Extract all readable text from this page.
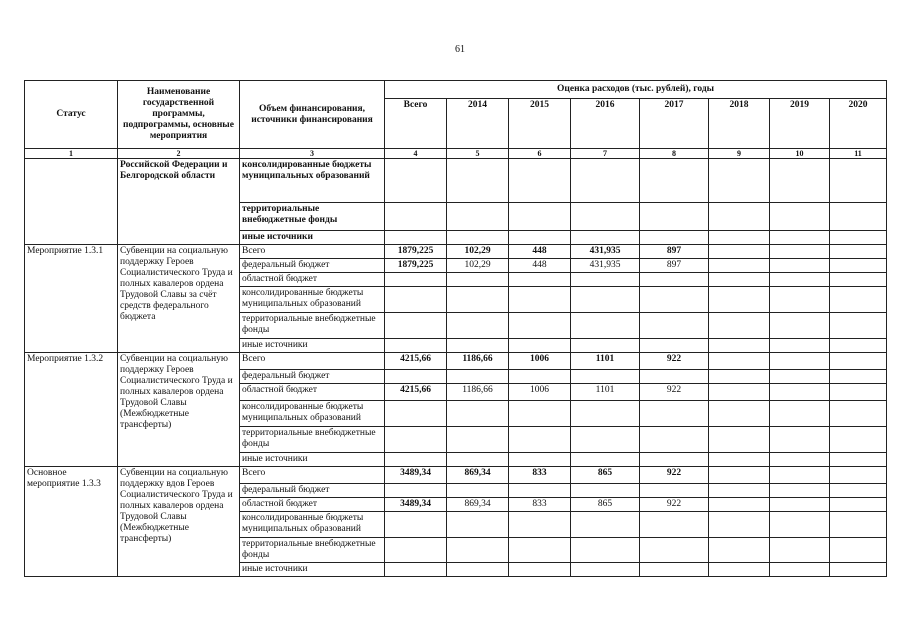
61
Статус	Наименование государственной программы, подпрограммы, основные мероприятия	Объем финансирования, источники финансирования	Оценка расходов (тыс. рублей), годы							
			Всего	2014	2015	2016	2017	2018	2019	2020
1	2	3	4	5	6	7	8	9	10	11
	Российской Федерации и Белгородской области	консолидированные бюджеты муниципальных образований								
		территориальные внебюджетные фонды								
		иные источники								
Мероприятие 1.3.1	Субвенции на социальную поддержку Героев Социалистического Труда и полных кавалеров ордена Трудовой Славы за счёт средств федерального бюджета	Всего	1879,225	102,29	448	431,935	897			
		федеральный бюджет	1879,225	102,29	448	431,935	897			
		областной бюджет								
		консолидированные бюджеты муниципальных образований								
		территориальные внебюджетные фонды								
		иные источники								
Мероприятие 1.3.2	Субвенции на социальную поддержку Героев Социалистического Труда и полных кавалеров ордена Трудовой Славы (Межбюджетные трансферты)	Всего	4215,66	1186,66	1006	1101	922			
		федеральный бюджет								
		областной бюджет	4215,66	1186,66	1006	1101	922			
		консолидированные бюджеты муниципальных образований								
		территориальные внебюджетные фонды								
		иные источники								
Основное мероприятие 1.3.3	Субвенции на социальную поддержку вдов Героев Социалистического Труда и полных кавалеров ордена Трудовой Славы (Межбюджетные трансферты)	Всего	3489,34	869,34	833	865	922			
		федеральный бюджет								
		областной бюджет	3489,34	869,34	833	865	922			
		консолидированные бюджеты муниципальных образований								
		территориальные внебюджетные фонды								
		иные источники								
